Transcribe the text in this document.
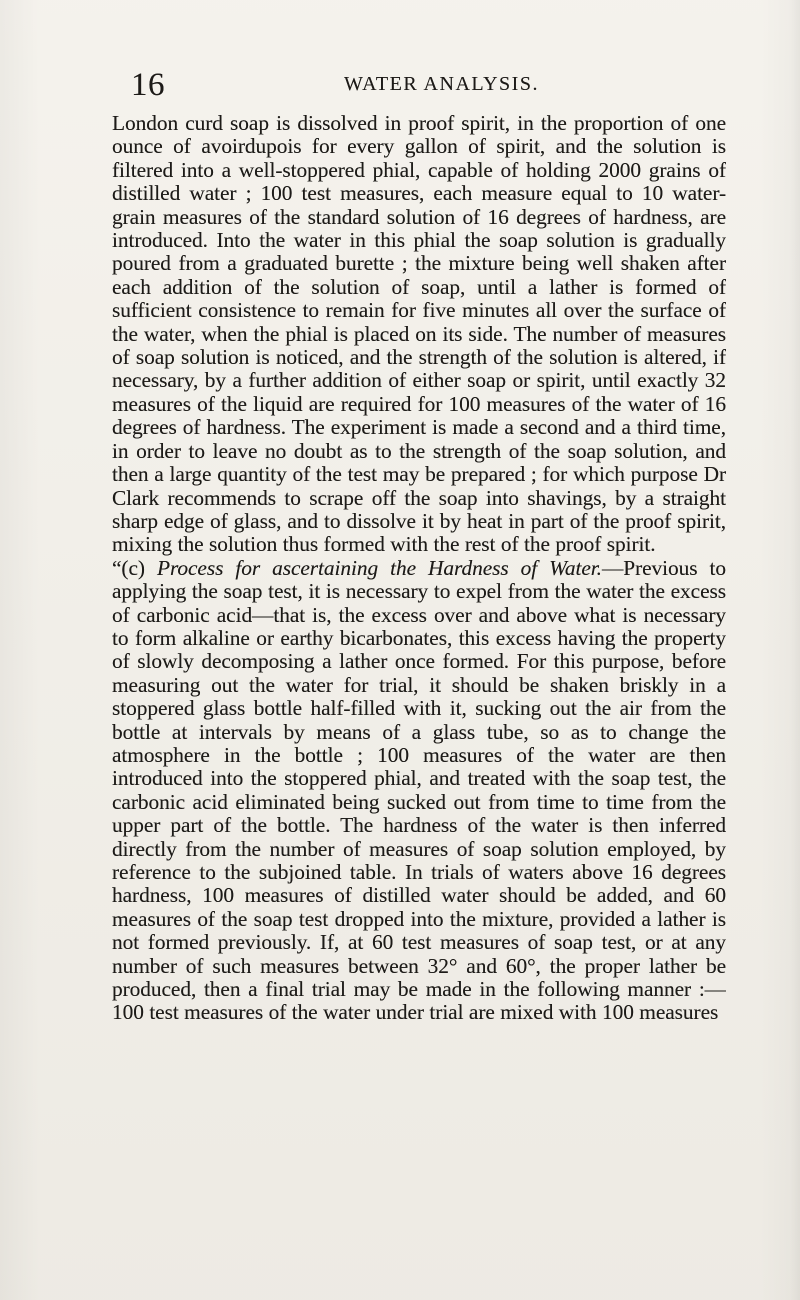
16	WATER ANALYSIS.

London curd soap is dissolved in proof spirit, in the proportion of one ounce of avoirdupois for every gallon of spirit, and the solution is filtered into a well-stoppered phial, capable of holding 2000 grains of distilled water ; 100 test measures, each measure equal to 10 water-grain measures of the standard solution of 16 degrees of hardness, are introduced. Into the water in this phial the soap solution is gradually poured from a graduated burette ; the mixture being well shaken after each addition of the solution of soap, until a lather is formed of sufficient consistence to remain for five minutes all over the surface of the water, when the phial is placed on its side. The number of measures of soap solution is noticed, and the strength of the solution is altered, if necessary, by a further addition of either soap or spirit, until exactly 32 measures of the liquid are required for 100 measures of the water of 16 degrees of hardness. The experiment is made a second and a third time, in order to leave no doubt as to the strength of the soap solution, and then a large quantity of the test may be prepared ; for which purpose Dr Clark recommends to scrape off the soap into shavings, by a straight sharp edge of glass, and to dissolve it by heat in part of the proof spirit, mixing the solution thus formed with the rest of the proof spirit.

“(c) Process for ascertaining the Hardness of Water.—Previous to applying the soap test, it is necessary to expel from the water the excess of carbonic acid—that is, the excess over and above what is necessary to form alkaline or earthy bicarbonates, this excess having the property of slowly decomposing a lather once formed. For this purpose, before measuring out the water for trial, it should be shaken briskly in a stoppered glass bottle half-filled with it, sucking out the air from the bottle at intervals by means of a glass tube, so as to change the atmosphere in the bottle ; 100 measures of the water are then introduced into the stoppered phial, and treated with the soap test, the carbonic acid eliminated being sucked out from time to time from the upper part of the bottle. The hardness of the water is then inferred directly from the number of measures of soap solution employed, by reference to the subjoined table. In trials of waters above 16 degrees hardness, 100 measures of distilled water should be added, and 60 measures of the soap test dropped into the mixture, provided a lather is not formed previously. If, at 60 test measures of soap test, or at any number of such measures between 32° and 60°, the proper lather be produced, then a final trial may be made in the following manner :—100 test measures of the water under trial are mixed with 100 measures
